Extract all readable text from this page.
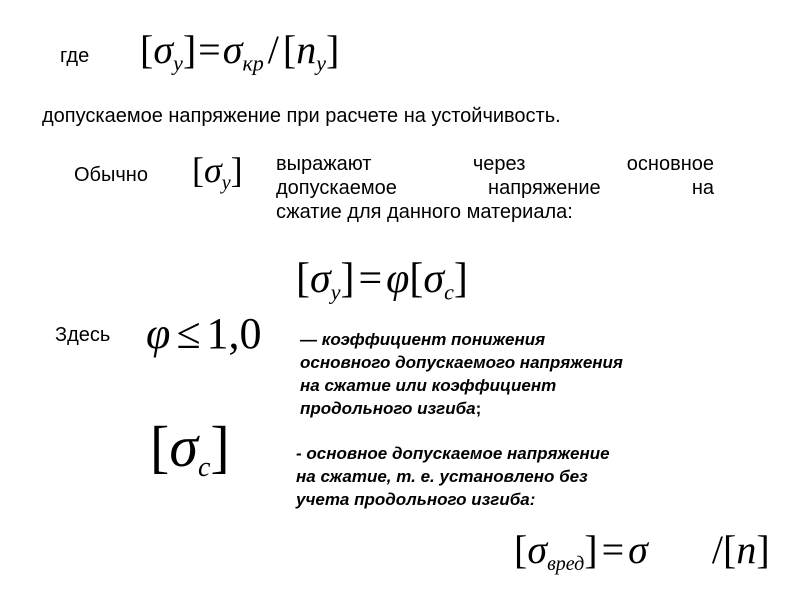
где $[\sigma_y]=\sigma_{кр} / [n_y]$
допускаемое напряжение при расчете на устойчивость.
Обычно $[\sigma_y]$ выражают через основное
допускаемое напряжение на
сжатие для данного материала:
$[\sigma_y]=\varphi[\sigma_c]$
Здесь φ ≤ 1,0 — коэффициент понижения
основного допускаемого напряжения
на сжатие или коэффициент
продольного изгиба;
$[\sigma_c]$	- основное допускаемое напряжение
на сжатие, т. е. установлено без
учета продольного изгиба:
$[\sigma_{вред}] = \sigma$ /[n]
